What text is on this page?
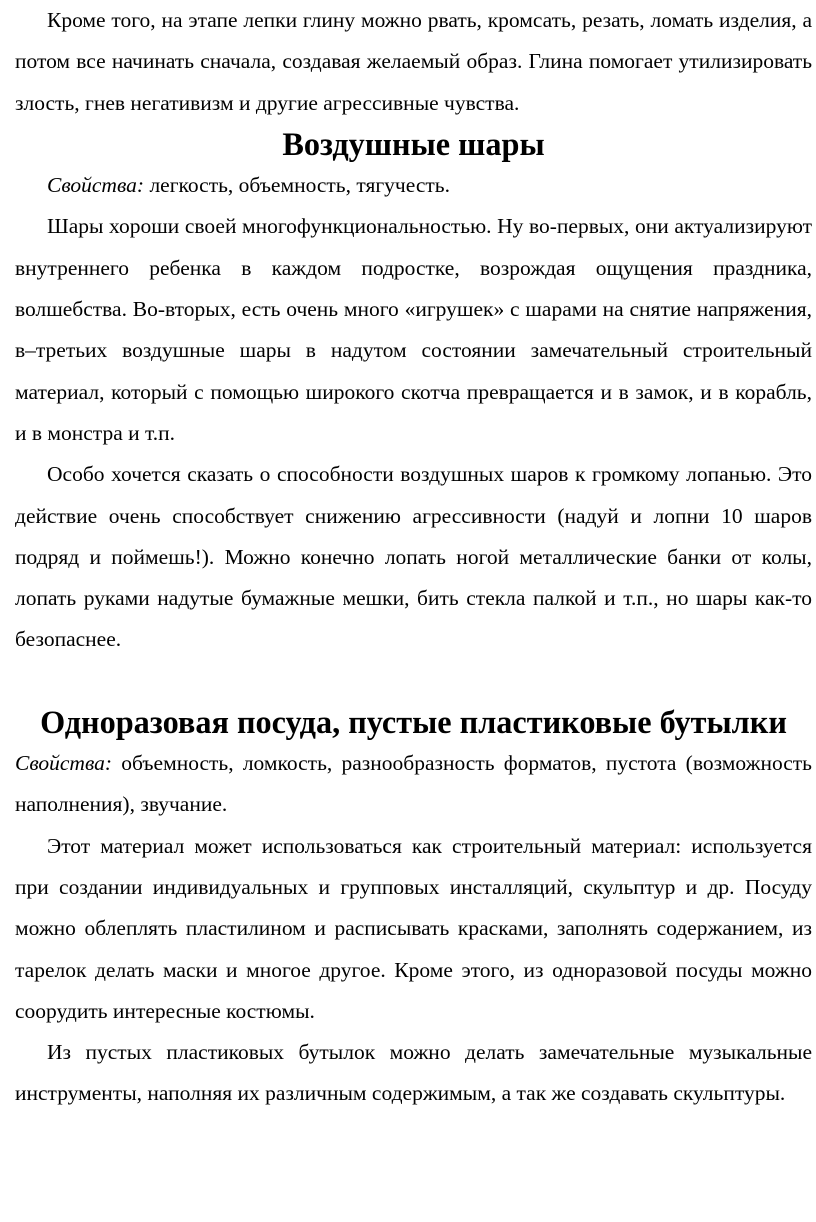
Кроме того, на этапе лепки глину можно рвать, кромсать, резать, ломать изделия, а потом все начинать сначала, создавая желаемый образ. Глина помогает утилизировать злость, гнев негативизм и другие агрессивные чувства.

Воздушные шары

Свойства: легкость, объемность, тягучесть.

Шары хороши своей многофункциональностью. Ну во-первых, они актуализируют внутреннего ребенка в каждом подростке, возрождая ощущения праздника, волшебства. Во-вторых, есть очень много «игрушек» с шарами на снятие напряжения, в–третьих воздушные шары в надутом состоянии замечательный строительный материал, который с помощью широкого скотча превращается и в замок, и в корабль, и в монстра и т.п.

Особо хочется сказать о способности воздушных шаров к громкому лопанью. Это действие очень способствует снижению агрессивности (надуй и лопни 10 шаров подряд и поймешь!). Можно конечно лопать ногой металлические банки от колы, лопать руками надутые бумажные мешки, бить стекла палкой и т.п., но шары как-то безопаснее.

Одноразовая посуда, пустые пластиковые бутылки

Свойства: объемность, ломкость, разнообразность форматов, пустота (возможность наполнения), звучание.

Этот материал может использоваться как строительный материал: используется при создании индивидуальных и групповых инсталляций, скульптур и др. Посуду можно облеплять пластилином и расписывать красками, заполнять содержанием, из тарелок делать маски и многое другое. Кроме этого, из одноразовой посуды можно соорудить интересные костюмы.

Из пустых пластиковых бутылок можно делать замечательные музыкальные инструменты, наполняя их различным содержимым, а так же создавать скульптуры.
